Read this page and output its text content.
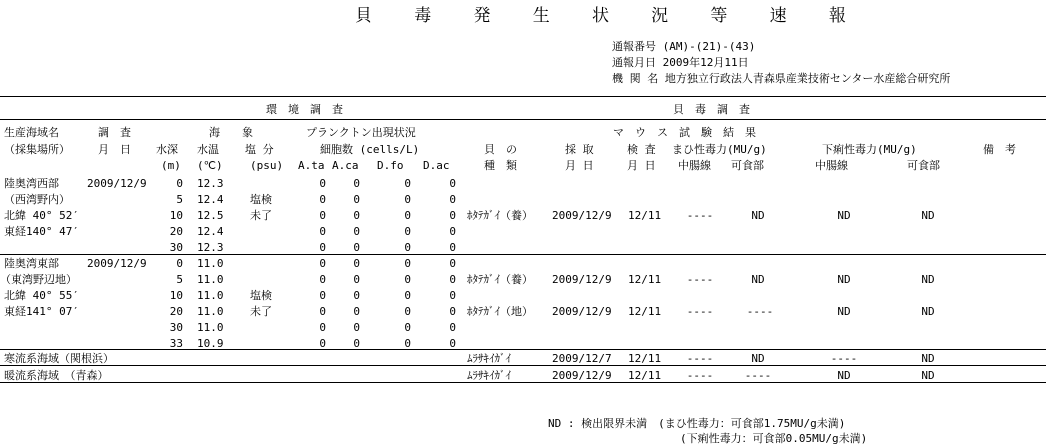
貝 毒 発 生 状 況 等 速 報
通報番号 (AM)-(21)-(43)
通報月日 2009年12月11日
機 関 名 地方独立行政法人青森県産業技術センター水産総合研究所
環　境　調　査	貝　毒　調　査
生産海域名	調　査	海　　象	プランクトン出現状況	マ　ウ　ス　試　験　結　果
（採集場所）	月　日 水深 水温 塩 分	細胞数 (cells/L)	貝　の	採 取	検 査 まひ性毒力(MU/g)	下痢性毒力(MU/g)	備　考
(m) (℃) (psu) A.ta A.ca D.fo D.ac	種　類	月 日	月 日 中腸線 可食部	中腸線	可食部
陸奥湾西部	2009/12/9	0 12.3	0	0	0	0
（西湾野内）	5 12.4 塩検	0	0	0	0
北緯 40° 52′	10 12.5 未了	0	0	0	0 ﾎﾀﾃｶﾞｲ（養） 2009/12/9 12/11	----	ND	ND	ND
東経140° 47′	20 12.4	0	0	0	0
30 12.3	0	0	0	0
陸奥湾東部	2009/12/9	0 11.0	0	0	0	0
（東湾野辺地）	5 11.0	0	0	0	0 ﾎﾀﾃｶﾞｲ（養） 2009/12/9 12/11	----	ND	ND	ND
北緯 40° 55′	10 11.0 塩検	0	0	0	0
東経141° 07′	20 11.0 未了	0	0	0	0 ﾎﾀﾃｶﾞｲ（地） 2009/12/9 12/11	----	----	ND	ND
30 11.0	0	0	0	0
33 10.9	0	0	0	0
寒流系海域（関根浜）	ﾑﾗｻｷｲｶﾞｲ	2009/12/7 12/11	----	ND	----	ND
暖流系海域　（青森）	ﾑﾗｻｷｲｶﾞｲ	2009/12/9 12/11	----	----	ND	ND
ND : 検出限界未満　(まひ性毒力：可食部1.75MU/g未満)
(下痢性毒力：可食部0.05MU/g未満)
